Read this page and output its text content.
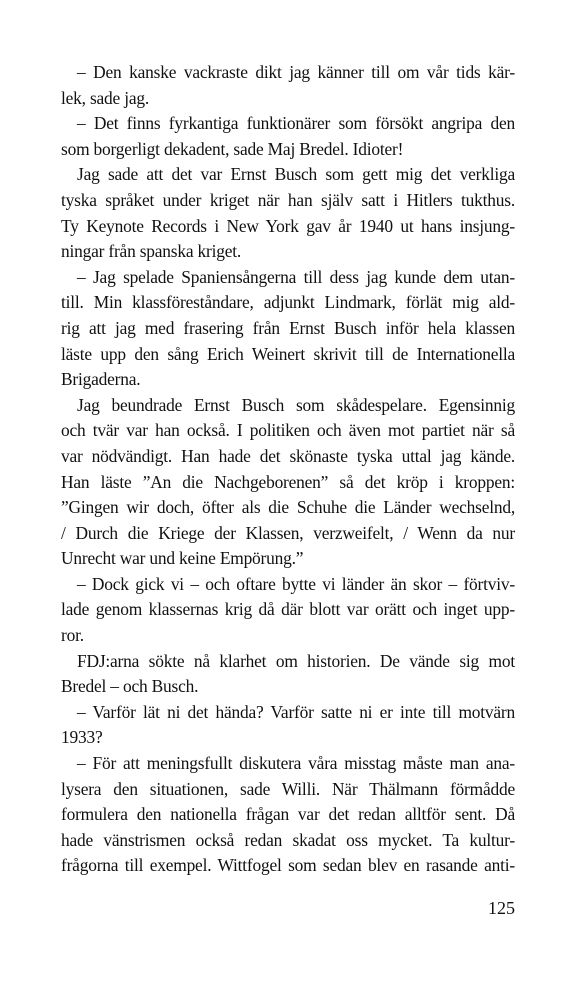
– Den kanske vackraste dikt jag känner till om vår tids kär-
lek, sade jag.
– Det finns fyrkantiga funktionärer som försökt angripa den
som borgerligt dekadent, sade Maj Bredel. Idioter!
Jag sade att det var Ernst Busch som gett mig det verkliga
tyska språket under kriget när han själv satt i Hitlers tukthus.
Ty Keynote Records i New York gav år 1940 ut hans insjung-
ningar från spanska kriget.
– Jag spelade Spaniensångerna till dess jag kunde dem utan-
till. Min klassföreståndare, adjunkt Lindmark, förlät mig ald-
rig att jag med frasering från Ernst Busch inför hela klassen
läste upp den sång Erich Weinert skrivit till de Internationella
Brigaderna.
Jag beundrade Ernst Busch som skådespelare. Egensinnig
och tvär var han också. I politiken och även mot partiet när så
var nödvändigt. Han hade det skönaste tyska uttal jag kände.
Han läste ”An die Nachgeborenen” så det kröp i kroppen:
”Gingen wir doch, öfter als die Schuhe die Länder wechselnd,
/ Durch die Kriege der Klassen, verzweifelt, / Wenn da nur
Unrecht war und keine Empörung.”
– Dock gick vi – och oftare bytte vi länder än skor – förtviv-
lade genom klassernas krig då där blott var orätt och inget upp-
ror.
FDJ:arna sökte nå klarhet om historien. De vände sig mot
Bredel – och Busch.
– Varför lät ni det hända? Varför satte ni er inte till motvärn
1933?
– För att meningsfullt diskutera våra misstag måste man ana-
lysera den situationen, sade Willi. När Thälmann förmådde
formulera den nationella frågan var det redan alltför sent. Då
hade vänstrismen också redan skadat oss mycket. Ta kultur-
frågorna till exempel. Wittfogel som sedan blev en rasande anti-
125
